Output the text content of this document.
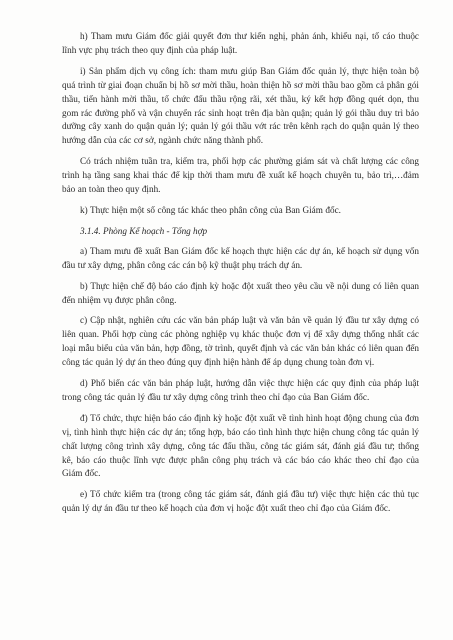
h) Tham mưu Giám đốc giải quyết đơn thư kiến nghị, phản ánh, khiếu nại, tố cáo thuộc lĩnh vực phụ trách theo quy định của pháp luật.

i) Sản phẩm dịch vụ công ích: tham mưu giúp Ban Giám đốc quản lý, thực hiện toàn bộ quá trình từ giai đoạn chuẩn bị hồ sơ mời thầu, hoàn thiện hồ sơ mời thầu bao gồm cả phân gói thầu, tiến hành mời thầu, tổ chức đấu thầu rộng rãi, xét thầu, ký kết hợp đồng quét dọn, thu gom rác đường phố và vận chuyển rác sinh hoạt trên địa bàn quận; quản lý gói thầu duy trì bảo dưỡng cây xanh do quận quản lý; quản lý gói thầu vớt rác trên kênh rạch do quận quản lý theo hướng dẫn của các cơ sở, ngành chức năng thành phố.

Có trách nhiệm tuần tra, kiểm tra, phối hợp các phường giám sát và chất lượng các công trình hạ tầng sang khai thác để kịp thời tham mưu đề xuất kế hoạch chuyên tu, bảo trì,…đảm bảo an toàn theo quy định.

k) Thực hiện một số công tác khác theo phân công của Ban Giám đốc.

3.1.4. Phòng Kế hoạch - Tổng hợp

a) Tham mưu đề xuất Ban Giám đốc kế hoạch thực hiện các dự án, kế hoạch sử dụng vốn đầu tư xây dựng, phân công các cán bộ kỹ thuật phụ trách dự án.

b) Thực hiện chế độ báo cáo định kỳ hoặc đột xuất theo yêu cầu về nội dung có liên quan đến nhiệm vụ được phân công.

c) Cập nhật, nghiên cứu các văn bản pháp luật và văn bản về quản lý đầu tư xây dựng có liên quan. Phối hợp cùng các phòng nghiệp vụ khác thuộc đơn vị để xây dựng thống nhất các loại mẫu biểu của văn bản, hợp đồng, tờ trình, quyết định và các văn bản khác có liên quan đến công tác quản lý dự án theo đúng quy định hiện hành để áp dụng chung toàn đơn vị.

d) Phổ biến các văn bản pháp luật, hướng dẫn việc thực hiện các quy định của pháp luật trong công tác quản lý đầu tư xây dựng công trình theo chỉ đạo của Ban Giám đốc.

đ) Tổ chức, thực hiện báo cáo định kỳ hoặc đột xuất về tình hình hoạt động chung của đơn vị, tình hình thực hiện các dự án; tổng hợp, báo cáo tình hình thực hiện chung công tác quản lý chất lượng công trình xây dựng, công tác đấu thầu, công tác giám sát, đánh giá đầu tư; thống kê, báo cáo thuộc lĩnh vực được phân công phụ trách và các báo cáo khác theo chỉ đạo của Giám đốc.

e) Tổ chức kiểm tra (trong công tác giám sát, đánh giá đầu tư) việc thực hiện các thủ tục quản lý dự án đầu tư theo kế hoạch của đơn vị hoặc đột xuất theo chỉ đạo của Giám đốc.
